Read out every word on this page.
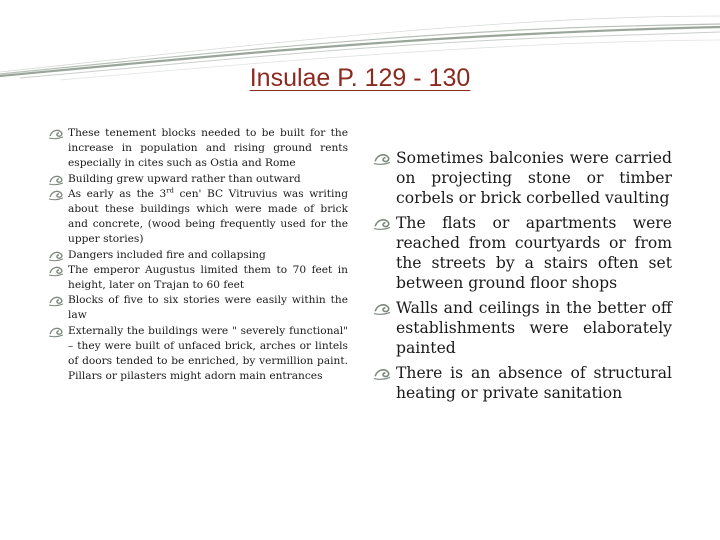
Insulae P. 129 - 130
These tenement blocks needed to be built for the increase in population and rising ground rents especially in cites such as Ostia and Rome
Building grew upward rather than outward
As early as the 3rd cen' BC Vitruvius was writing about these buildings which were made of brick and concrete, (wood being frequently used for the upper stories)
Dangers included fire and collapsing
The emperor Augustus limited them to 70 feet in height, later on Trajan to 60 feet
Blocks of five to six stories were easily within the law
Externally the buildings were " severely functional" – they were built of unfaced brick, arches or lintels of doors tended to be enriched, by vermillion paint. Pillars or pilasters might adorn main entrances
Sometimes balconies were carried on projecting stone or timber corbels or brick corbelled vaulting
The flats or apartments were reached from courtyards or from the streets by a stairs often set between ground floor shops
Walls and ceilings in the better off establishments were elaborately painted
There is an absence of structural heating or private sanitation
